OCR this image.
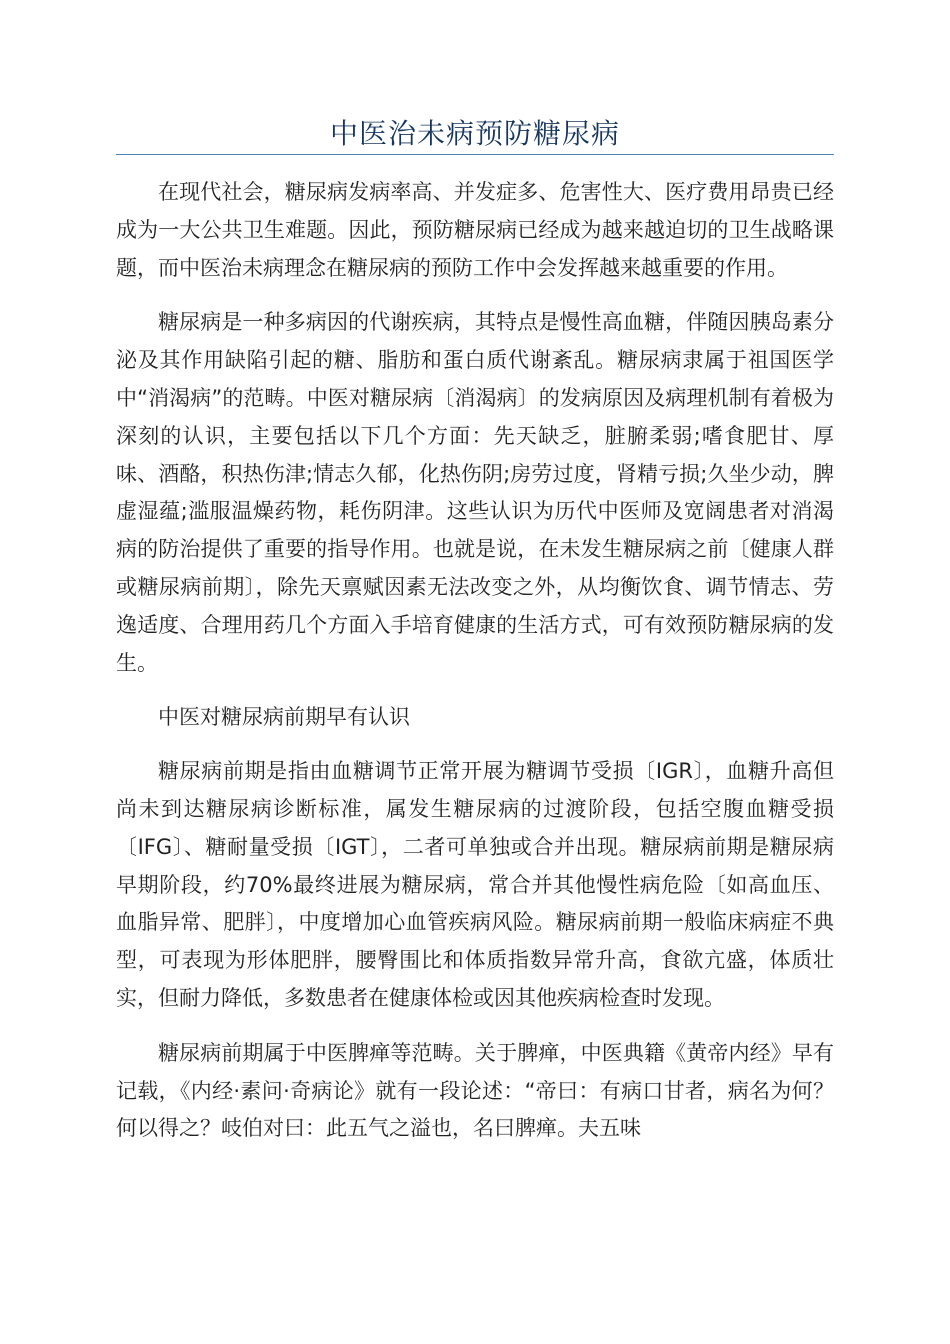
中医治未病预防糖尿病

在现代社会，糖尿病发病率高、并发症多、危害性大、医疗费用昂贵已经成为一大公共卫生难题。因此，预防糖尿病已经成为越来越迫切的卫生战略课题，而中医治未病理念在糖尿病的预防工作中会发挥越来越重要的作用。

糖尿病是一种多病因的代谢疾病，其特点是慢性高血糖，伴随因胰岛素分泌及其作用缺陷引起的糖、脂肪和蛋白质代谢紊乱。糖尿病隶属于祖国医学中“消渴病”的范畴。中医对糖尿病〔消渴病〕的发病原因及病理机制有着极为深刻的认识，主要包括以下几个方面：先天缺乏，脏腑柔弱;嗜食肥甘、厚味、酒酪，积热伤津;情志久郁，化热伤阴;房劳过度，肾精亏损;久坐少动，脾虚湿蕴;滥服温燥药物，耗伤阴津。这些认识为历代中医师及宽阔患者对消渴病的防治提供了重要的指导作用。也就是说，在未发生糖尿病之前〔健康人群或糖尿病前期〕，除先天禀赋因素无法改变之外，从均衡饮食、调节情志、劳逸适度、合理用药几个方面入手培育健康的生活方式，可有效预防糖尿病的发生。

中医对糖尿病前期早有认识

糖尿病前期是指由血糖调节正常开展为糖调节受损〔IGR〕，血糖升高但尚未到达糖尿病诊断标准，属发生糖尿病的过渡阶段，包括空腹血糖受损〔IFG〕、糖耐量受损〔IGT〕，二者可单独或合并出现。糖尿病前期是糖尿病早期阶段，约70%最终进展为糖尿病，常合并其他慢性病危险〔如高血压、血脂异常、肥胖〕，中度增加心血管疾病风险。糖尿病前期一般临床病症不典型，可表现为形体肥胖，腰臀围比和体质指数异常升高，食欲亢盛，体质壮实，但耐力降低，多数患者在健康体检或因其他疾病检查时发现。

糖尿病前期属于中医脾瘅等范畴。关于脾瘅，中医典籍《黄帝内经》早有记载，《内经·素问·奇病论》就有一段论述：“帝曰：有病口甘者，病名为何？何以得之？岐伯对曰：此五气之溢也，名曰脾瘅。夫五味
